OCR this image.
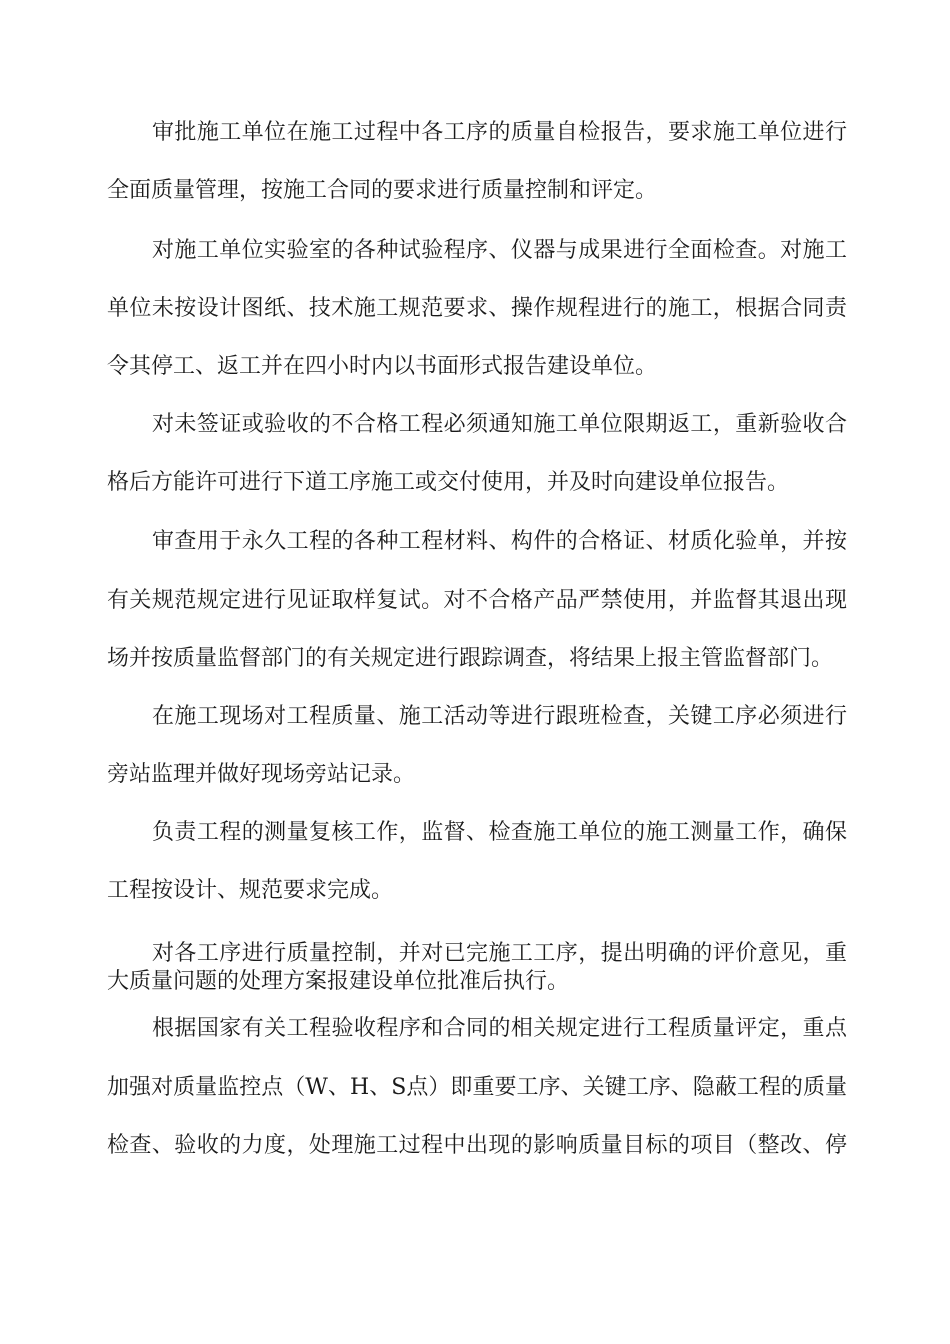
审批施工单位在施工过程中各工序的质量自检报告，要求施工单位进行
全面质量管理，按施工合同的要求进行质量控制和评定。
对施工单位实验室的各种试验程序、仪器与成果进行全面检查。对施工
单位未按设计图纸、技术施工规范要求、操作规程进行的施工，根据合同责
令其停工、返工并在四小时内以书面形式报告建设单位。
对未签证或验收的不合格工程必须通知施工单位限期返工，重新验收合
格后方能许可进行下道工序施工或交付使用，并及时向建设单位报告。
审查用于永久工程的各种工程材料、构件的合格证、材质化验单，并按
有关规范规定进行见证取样复试。对不合格产品严禁使用，并监督其退出现
场并按质量监督部门的有关规定进行跟踪调查，将结果上报主管监督部门。
在施工现场对工程质量、施工活动等进行跟班检查，关键工序必须进行
旁站监理并做好现场旁站记录。
负责工程的测量复核工作，监督、检查施工单位的施工测量工作，确保
工程按设计、规范要求完成。
对各工序进行质量控制，并对已完施工工序，提出明确的评价意见，重
大质量问题的处理方案报建设单位批准后执行。
根据国家有关工程验收程序和合同的相关规定进行工程质量评定，重点
加强对质量监控点（W、H、S点）即重要工序、关键工序、隐蔽工程的质量
检查、验收的力度，处理施工过程中出现的影响质量目标的项目（整改、停
